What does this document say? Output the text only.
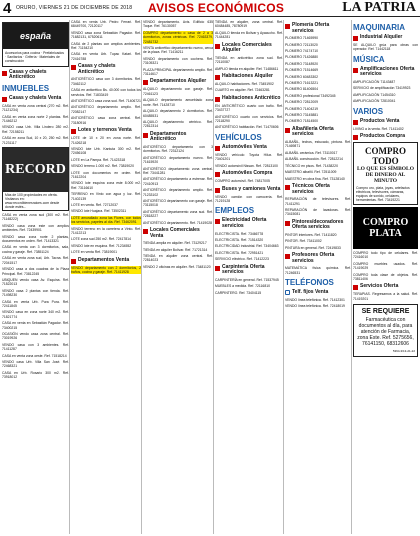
4 ORURO, VIERNES 21 DE DICIEMBRE DE 2018 AVISOS ECONÓMICOS	LA PATRIA
españa
Accesorios para cocina · Prefabricados · Sanitarios · Grifería · Materiales de construcción
Casas y chalets Anticrético
INMUEBLES
Casas y chalets Venta
CASA en venta zona central (270 m2. Ref. 71121234)
CASA en venta zona norte 2 plantas. Ref. 71446212
VENDO casa Urb. Villa Lindero 280 m2. Ref. 72158211
CASA en zona Sud, 10 x 20, 250 m2. Ref. 71231117
RECORD
Más de 100 propiedades en oferta. Visítanos en: www.recordbienesraices.com desde donde estés...
CASA en venta zona sud (300 m2. Ref. 71148222)
VENDO casa zona este con amplios ambientes. Ref. 72439901
VENDO casa zona norte 2 plantas, documentos en orden. Ref. 71413321
CASA en venta con 3 dormitorios, sala, cocina y garaje. Ref. 73851124
CASA en venta zona sud, Urb. Tacna. Ref. 72041517
VENDO casa a dos cuadras de la Plaza Principal. Ref. 73812245
UBIQUEN vendo casa Av. Esquina. Ref. 71522013
VENDO casa 2 plantas con tienda. Ref. 71498230
CASA en venta Urb. Pura Pura. Ref. 72411845
VENDO casa en zona norte 340 m2. Ref. 71821774
CASA en venta en Sebastián Pagador. Ref. 73400215
OCASIÓN vendo casa zona central. Ref. 73019926
VENDO casa con 3 ambientes. Ref. 71411287
CASA en venta zona oeste. Ref. 71518214
VENDO casa Urb. Villa San José. Ref. 72468321
CASA en Urb. Rosario 300 m2. Ref. 73918012
CASA en venta Urb. Pedro Ferrari. Ref. 68449700, 72120117
VENDO casa zona Sebastián Pagador. Ref. 71682131, 67520611
CASA de 2 plantas con amplios ambientes. Ref. 71154210
CASA en venta Urb. Tupac Katari. Ref. 72416788
Casas y chalets Anticrético
ANTICRÉTICO casa con 3 dormitorios. Ref. 73462112
CASA en anticrético Bs. 40.000 con todos los servicios. Ref. 71833419
ANTICRÉTICO casa zona sud. Ref. 71406721
ANTICRÉTICO departamento amplio. Ref. 72082147
ANTICRÉTICO casa zona central. Ref. 73180916
Lotes y terrenos Venta
LOTE de 10 x 20 en zona norte. Ref. 71426218
VENDO lote Urb. Kantuta 300 m2. Ref. 72456108
LOTE en La Pampa. Ref. 71423318
VENDO terreno 1.000 m2. Ref. 73819020
LOTE con documentos en orden. Ref. 71612204
VENDO lote esquina zona este 8.000 m2. Ref. 73116610
TERRENO en Vinto con agua y luz. Ref. 71402139
LOTE en venta. Ref. 72712037
VENDO lote Huajara. Ref. 73502311
LOTE amurallado zona las Flores, con todos los servicios, papeles al día. Ref. 73462091
VENDO terreno en la carretera a Vinto. Ref. 71412213
LOTE zona sud 250 m2. Ref. 72417814
VENDO lote en esquina. Ref. 71234552
LOTE en venta Ref. 73819001
Departamentos Venta
VENDO departamento con 2 dormitorios, 2 baños, cocina y garaje. Ref. 71411928
VENDO departamento. Avis. Edificio 635 Toque. Ref. 76130057
COMPRO departamento o casa de 2 a 3 dormitorios, zonas céntricas. Ref. 72463379, 72481732
VENTA anticrético departamento nuevo, cerca de la plaza. Ref. 71416211
VENDO departamento con cochera. Ref. 73105321
PLAZA PRINCIPAL departamento amplio. Ref. 73114617
Departamentos Alquiler
ALQUILO departamento con garaje. Ref. 72461123
ALQUILO departamento amueblado zona norte. Ref. 71428710
ALQUILO departamento 2 dormitorios. Ref. 60485531
ALQUILO departamento céntrico. Ref. 72812314
Departamentos Anticrético
ANTICRÉTICO departamento con 3 dormitorios. Ref. 72312124
ANTICRÉTICO departamento nuevo. Ref. 71615920
ANTICRÉTICO departamento zona central. Ref. 73441281
ANTICRÉTICO departamento a estrenar. Ref. 72410913
ANTICRÉTICO departamento amplio. Ref. 71233102
ANTICRÉTICO departamento con garaje. Ref. 73115018
ANTICRÉTICO departamento zona sud. Ref. 72818227
ANTICRÉTICO departamento. Ref. 71419028
Locales Comerciales Venta
TIENDA amplia en alquiler. Ref. 73129217
TIENDA en alquiler Bolívar. Ref. 71721314
TIENDA en alquiler zona central. Ref. 72814023
VENDO 2 oficinas en alquiler. Ref. 73481120
TIENDA en alquiler, zona central. Ref. 60484485, 78780919
ALQUILO tienda en Bolívar y Ayacucho. Ref. 71444281
Locales Comerciales Alquiler
TIENDA en anticrético zona sud. Ref. 72110087
AMPLIO tienda en alquiler. Ref. 71486611
Habitaciones Alquiler
ALQUILO habitaciones. Ref. 73451902
CUARTO en alquiler. Ref. 72463281
Habitaciones Anticrético
EN ANTICRÉTICO cuarto con baño. Ref. 73437727
ANTICRÉTICO cuarto con servicios. Ref. 72118290
ANTICRÉTICO habitación. Ref. 71470606
VEHÍCULOS
Automóviles Venta
VENDO vehículo Toyota Hilux. Ref. 73401201
VENDO automóvil Nissan. Ref. 72813100
Automóviles Compra
COMPRO automóvil. Ref. 74817005
Buses y camiones Venta
VENDO camión con carrocería. Ref. 71219128
EMPLEOS
Electricidad Oferta servicios
ELECTRICISTA. Ref. 73466778
ELECTRICISTA. Ref. 71514320
ELECTRICIDAD industrial. Ref. 73404663
ELECTRICISTA. Ref. 72951421
SERVICIO eléctrico. Ref. 71412223
Carpintería Oferta servicios
CARPINTERÍA en general. Ref. 71537945
MUEBLES a medida. Ref. 72116810
CARPINTERO. Ref. 73404115
Plomería Oferta servicios
PLOMERO 71465990
PLOMERO 72113020
PLOMERO 74174710
PLOMERO 71426880
PLOMERO 73148920
PLOMERO 71514669
PLOMERO 60483302
PLOMERO 71613221
PLOMERO 81406504
PLOMERO profesional 73492345
PLOMERO 72812009
PLOMERO 71404219
PLOMERO 73145881
PLOMERO 71814500
Albañilería Oferta servicios
ALBAÑIL, techos, estucado, pintura. Ref. 71469871
ALBAÑIL cerámica. Ref. 73110017
ALBAÑIL construcción. Ref. 72812214
TÉCNICO en pisos. Ref. 71438220
MAESTRO albañil. Ref. 72511009
MAESTRO en obra fina. Ref. 73128140
Técnicos Oferta servicios
REPARACIÓN de televisores. Ref. 71411291
REPARACIÓN de lavadoras. Ref. 73415081
Pintores/decoradores Oferta servicios
PINTOR interiores. Ref. 71411820
PINTOR. Ref. 73411002
PINTURA en general. Ref. 72419833
Profesores Oferta servicios
MATEMÁTICA física química. Ref. 71246531
TELÉFONOS
Telf. fijos Venta
VENDO línea telefónica. Ref. 71412301
VENDO línea telefónica. Ref. 72418019
MAQUINARIA
Industrial Alquiler
SE ALQUILO grúa para obras con operador. Ref. 71442118
MÚSICA
Amplificaciones Oferta servicios
AMPLIFICACIÓN 71143487
SERVICIO de amplificación 73419923
AMPLIFICACIÓN 71454310
AMPLIFICACIÓN 72810041
VARIOS
Productos Venta
LIVING a la venta. Ref. 71411402
Productos Compra
COMPRO TODO
LO QUE ES SÍMBOLO DE DINERO AL MINUTO
Compro oro, plata, joyas, artefactos eléctricos, televisores, cámaras, equipos de sonido, celulares, herramientas. Ref. 73419221
COMPRO PLATA
COMPRO todo tipo de celulares. Ref. 72416010
COMPRO muebles usados. Ref. 71419029
COMPRO toda clase de objetos. Ref. 73811406
Servicios Oferta
TERAPIAS. Regresamos a la salud. Ref. 71419201
SE REQUIERE
Farmacéutica con documentos al día, para atención de Farmacia, zona Este. Ref. 5275656, 76141150, 68312606
5394-3/13-21-22
